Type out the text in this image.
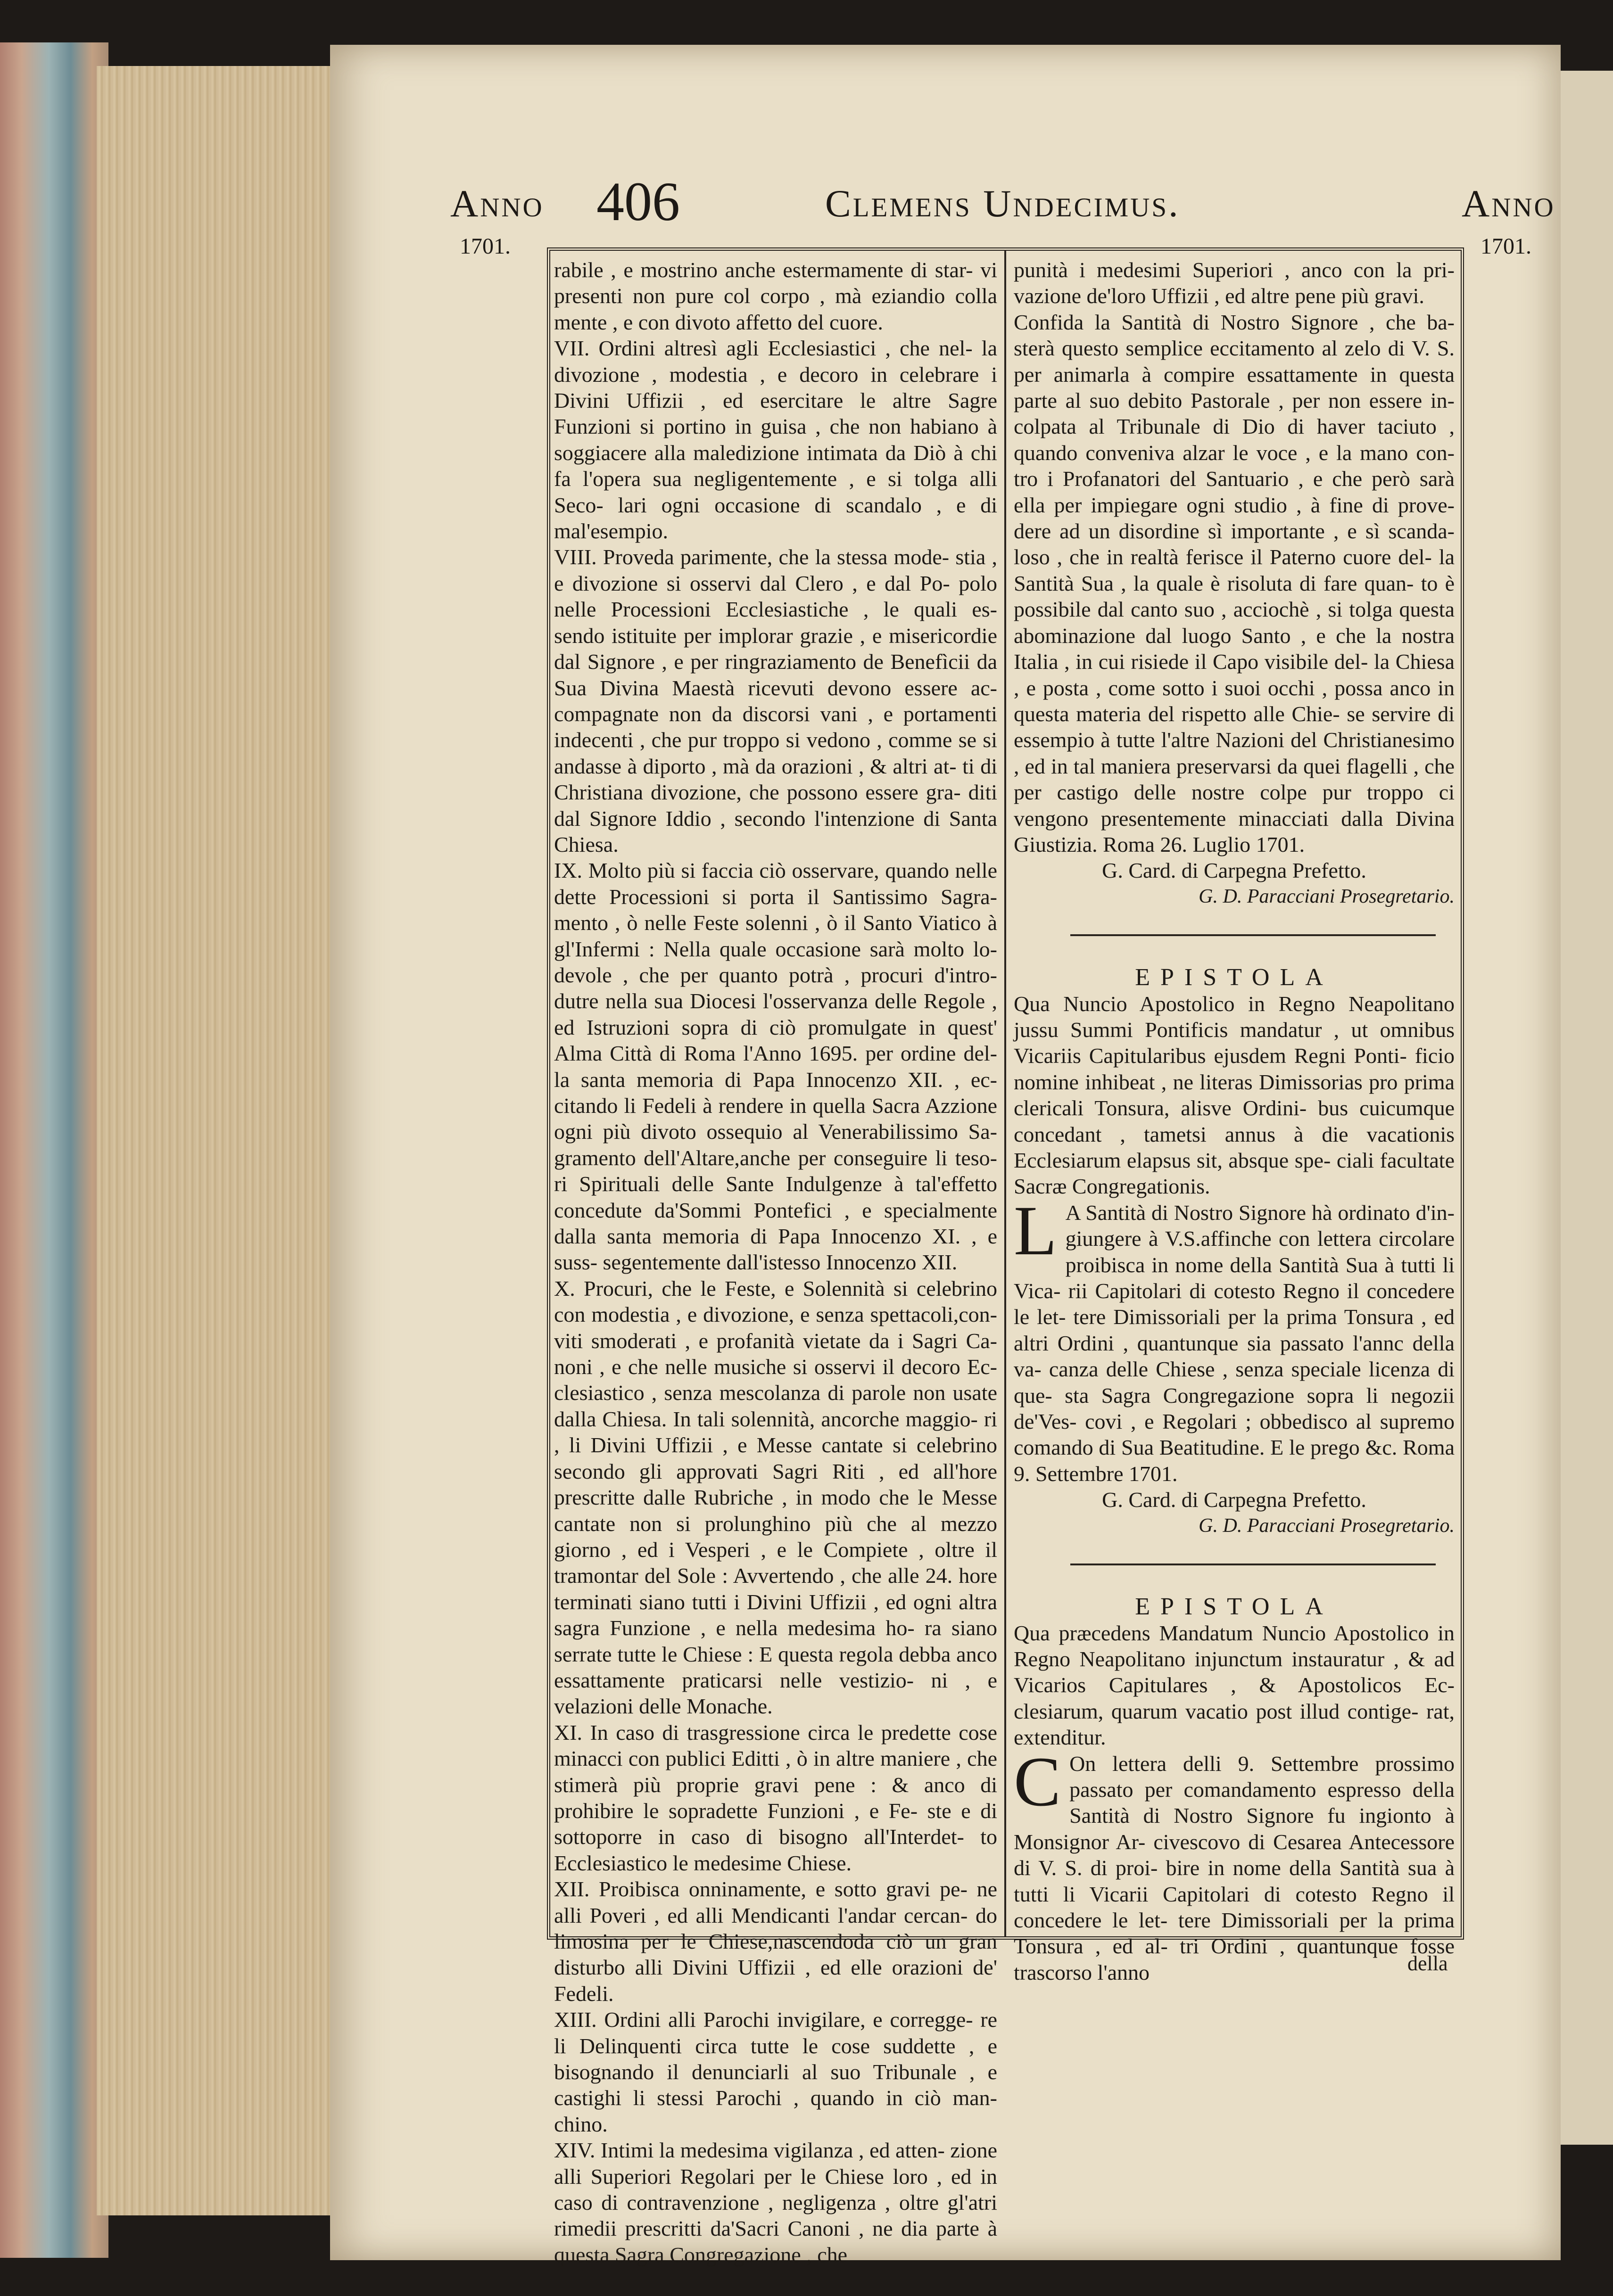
Anno 406	Clemens Undecimus.	Anno
1701.	1701.

rabile , e mostrino anche estermamente di star- vi presenti non pure col corpo , mà eziandio colla mente , e con divoto affetto del cuore.

VII. Ordini altresì agli Ecclesiastici , che nel- la divozione , modestia , e decoro in celebrare i Divini Uffizii , ed esercitare le altre Sagre Funzioni si portino in guisa , che non habiano à soggiacere alla maledizione intimata da Diò à chi fa l'opera sua negligentemente , e si tolga alli Seco- lari ogni occasione di scandalo , e di mal'esempio.

VIII. Proveda parimente, che la stessa mode- stia , e divozione si osservi dal Clero , e dal Po- polo nelle Processioni Ecclesiastiche , le quali es- sendo istituite per implorar grazie , e misericordie dal Signore , e per ringraziamento de Benefìcii da Sua Divina Maestà ricevuti devono essere ac- compagnate non da discorsi vani , e portamenti indecenti , che pur troppo si vedono , comme se si andasse à diporto , mà da orazioni , & altri at- ti di Christiana divozione, che possono essere gra- diti dal Signore Iddio , secondo l'intenzione di Santa Chiesa.

IX. Molto più si faccia ciò osservare, quando nelle dette Processioni si porta il Santissimo Sagra- mento , ò nelle Feste solenni , ò il Santo Viatico à gl'Infermi : Nella quale occasione sarà molto lo- devole , che per quanto potrà , procuri d'intro- dutre nella sua Diocesi l'osservanza delle Regole , ed Istruzioni sopra di ciò promulgate in quest' Alma Città di Roma l'Anno 1695. per ordine del- la santa memoria di Papa Innocenzo XII. , ec- citando li Fedeli à rendere in quella Sacra Azzione ogni più divoto ossequio al Venerabilissimo Sa- gramento dell'Altare,anche per conseguire li teso- ri Spirituali delle Sante Indulgenze à tal'effetto concedute da'Sommi Pontefici , e specialmente dalla santa memoria di Papa Innocenzo XI. , e suss- segentemente dall'istesso Innocenzo XII.

X. Procuri, che le Feste, e Solennità si celebrino con modestia , e divozione, e senza spettacoli,con- viti smoderati , e profanità vietate da i Sagri Ca- noni , e che nelle musiche si osservi il decoro Ec- clesiastico , senza mescolanza di parole non usate dalla Chiesa. In tali solennità, ancorche maggio- ri , li Divini Uffizii , e Messe cantate si celebrino secondo gli approvati Sagri Riti , ed all'hore prescritte dalle Rubriche , in modo che le Messe cantate non si prolunghino più che al mezzo giorno , ed i Vesperi , e le Compiete , oltre il tramontar del Sole : Avvertendo , che alle 24. hore terminati siano tutti i Divini Uffizii , ed ogni altra sagra Funzione , e nella medesima ho- ra siano serrate tutte le Chiese : E questa regola debba anco essattamente praticarsi nelle vestizio- ni , e velazioni delle Monache.

XI. In caso di trasgressione circa le predette cose minacci con publici Editti , ò in altre maniere , che stimerà più proprie gravi pene : & anco di prohibire le sopradette Funzioni , e Fe- ste e di sottoporre in caso di bisogno all'Interdet- to Ecclesiastico le medesime Chiese.

XII. Proibisca onninamente, e sotto gravi pe- ne alli Poveri , ed alli Mendicanti l'andar cercan- do limosina per le Chiese,nascendoda ciò un gran disturbo alli Divini Uffizii , ed elle orazioni de' Fedeli.

XIII. Ordini alli Parochi invigilare, e corregge- re li Delinquenti circa tutte le cose suddette , e bisognando il denunciarli al suo Tribunale , e castighi li stessi Parochi , quando in ciò man- chino.

XIV. Intimi la medesima vigilanza , ed atten- zione alli Superiori Regolari per le Chiese loro , ed in caso di contravenzione , negligenza , oltre gl'atri rimedii prescritti da'Sacri Canoni , ne dia parte à questa Sagra Congregazione , che

punità i medesimi Superiori , anco con la pri- vazione de'loro Uffizii , ed altre pene più gravi.

Confida la Santità di Nostro Signore , che ba- sterà questo semplice eccitamento al zelo di V. S. per animarla à compire essattamente in questa parte al suo debito Pastorale , per non essere in- colpata al Tribunale di Dio di haver taciuto , quando conveniva alzar le voce , e la mano con- tro i Profanatori del Santuario , e che però sarà ella per impiegare ogni studio , à fine di prove- dere ad un disordine sì importante , e sì scanda- loso , che in realtà ferisce il Paterno cuore del- la Santità Sua , la quale è risoluta di fare quan- to è possibile dal canto suo , acciochè , si tolga questa abominazione dal luogo Santo , e che la nostra Italia , in cui risiede il Capo visibile del- la Chiesa , e posta , come sotto i suoi occhi , possa anco in questa materia del rispetto alle Chie- se servire di essempio à tutte l'altre Nazioni del Christianesimo , ed in tal maniera preservarsi da quei flagelli , che per castigo delle nostre colpe pur troppo ci vengono presentemente minacciati dalla Divina Giustizia. Roma 26. Luglio 1701.

G. Card. di Carpegna Prefetto.

G. D. Paracciani Prosegretario.

EPISTOLA

Qua Nuncio Apostolico in Regno Neapolitano jussu Summi Pontificis mandatur , ut omnibus Vicariis Capitularibus ejusdem Regni Ponti- ficio nomine inhibeat , ne literas Dimissorias pro prima clericali Tonsura, alisve Ordini- bus cuicumque concedant , tametsi annus à die vacationis Ecclesiarum elapsus sit, absque spe- ciali facultate Sacræ Congregationis.

L A Santità di Nostro Signore hà ordinato d'in- giungere à V.S.affinche con lettera circolare proibisca in nome della Santità Sua à tutti li Vica- rii Capitolari di cotesto Regno il concedere le let- tere Dimissoriali per la prima Tonsura , ed altri Ordini , quantunque sia passato l'annc della va- canza delle Chiese , senza speciale licenza di que- sta Sagra Congregazione sopra li negozii de'Ves- covi , e Regolari ; obbedisco al supremo comando di Sua Beatitudine. E le prego &c. Roma 9. Settembre 1701.

G. Card. di Carpegna Prefetto.

G. D. Paracciani Prosegretario.

EPISTOLA

Qua præcedens Mandatum Nuncio Apostolico in Regno Neapolitano injunctum instauratur , & ad Vicarios Capitulares , & Apostolicos Ec- clesiarum, quarum vacatio post illud contige- rat, extenditur.

C On lettera delli 9. Settembre prossimo passato per comandamento espresso della Santità di Nostro Signore fu ingionto à Monsignor Ar- civescovo di Cesarea Antecessore di V. S. di proi- bire in nome della Santità sua à tutti li Vicarii Capitolari di cotesto Regno il concedere le let- tere Dimissoriali per la prima Tonsura , ed al- tri Ordini , quantunque fosse trascorso l'anno	della
